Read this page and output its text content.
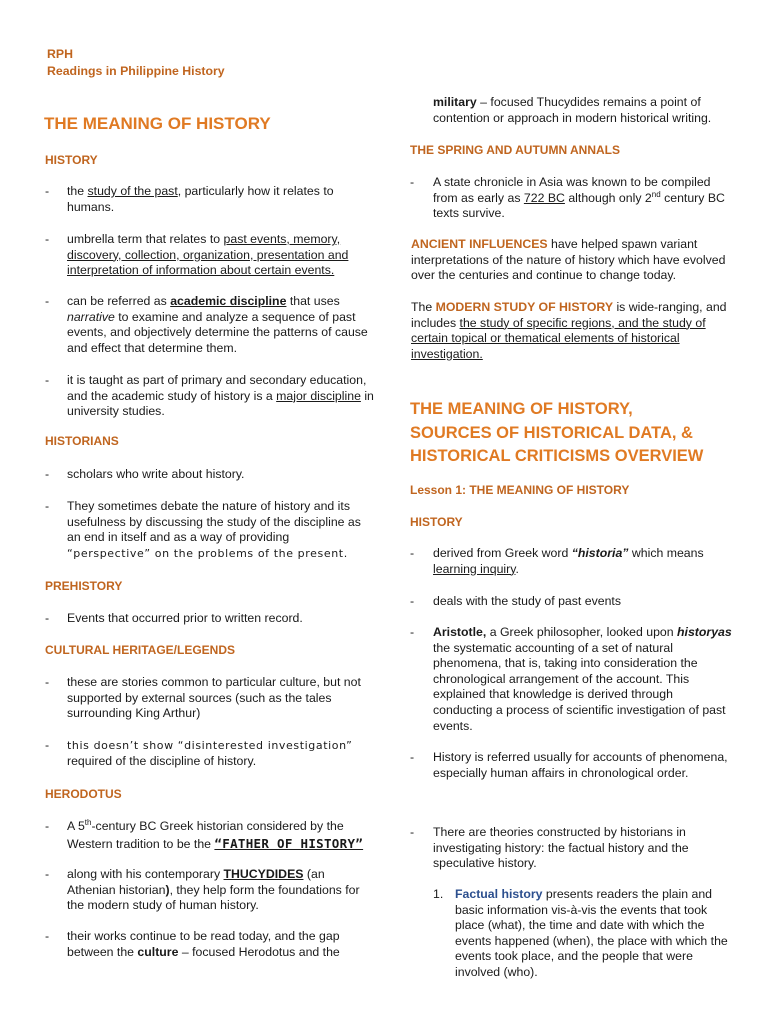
RPH
Readings in Philippine History
THE MEANING OF HISTORY
HISTORY
- the study of the past, particularly how it relates to humans.
- umbrella term that relates to past events, memory, discovery, collection, organization, presentation and interpretation of information about certain events.
- can be referred as academic discipline that uses narrative to examine and analyze a sequence of past events, and objectively determine the patterns of cause and effect that determine them.
- it is taught as part of primary and secondary education, and the academic study of history is a major discipline in university studies.
HISTORIANS
- scholars who write about history.
- They sometimes debate the nature of history and its usefulness by discussing the study of the discipline as an end in itself and as a way of providing
“perspective” on the problems of the present.
PREHISTORY
- Events that occurred prior to written record.
CULTURAL HERITAGE/LEGENDS
- these are stories common to particular culture, but not supported by external sources (such as the tales surrounding King Arthur)
- this doesn’t show “disinterested investigation”
required of the discipline of history.
HERODOTUS
- A 5th-century BC Greek historian considered by the
Western tradition to be the “FATHER OF HISTORY”
- along with his contemporary THUCYDIDES (an Athenian historian), they help form the foundations for the modern study of human history.
- their works continue to be read today, and the gap between the culture – focused Herodotus and the
military – focused Thucydides remains a point of contention or approach in modern historical writing.
THE SPRING AND AUTUMN ANNALS
- A state chronicle in Asia was known to be compiled from as early as 722 BC although only 2nd century BC texts survive.
ANCIENT INFLUENCES have helped spawn variant interpretations of the nature of history which have evolved over the centuries and continue to change today.
The MODERN STUDY OF HISTORY is wide-ranging, and includes the study of specific regions, and the study of certain topical or thematical elements of historical investigation.
THE MEANING OF HISTORY,
SOURCES OF HISTORICAL DATA, &
HISTORICAL CRITICISMS OVERVIEW
Lesson 1: THE MEANING OF HISTORY
HISTORY
- derived from Greek word “historia” which means learning inquiry.
- deals with the study of past events
- Aristotle, a Greek philosopher, looked upon historyas the systematic accounting of a set of natural phenomena, that is, taking into consideration the chronological arrangement of the account. This explained that knowledge is derived through conducting a process of scientific investigation of past events.
- History is referred usually for accounts of phenomena, especially human affairs in chronological order.
- There are theories constructed by historians in investigating history: the factual history and the speculative history.
1. Factual history presents readers the plain and basic information vis-à-vis the events that took place (what), the time and date with which the events happened (when), the place with which the events took place, and the people that were involved (who).
